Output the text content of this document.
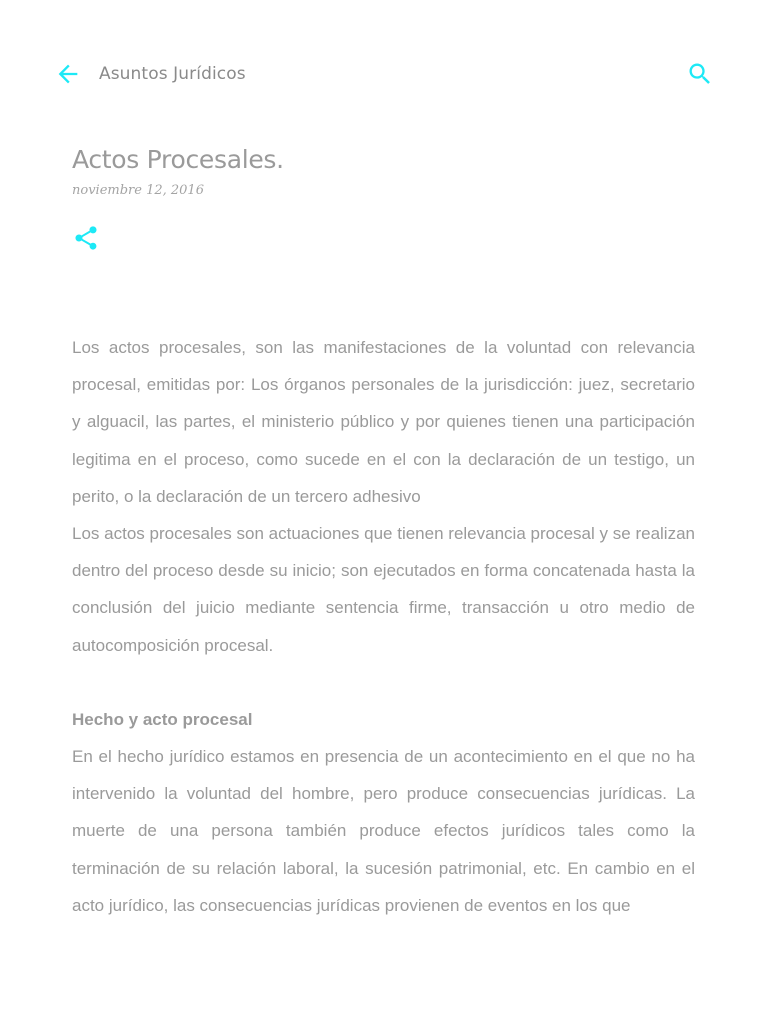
Asuntos Jurídicos
Actos Procesales.
noviembre 12, 2016

Los actos procesales, son las manifestaciones de la voluntad con relevancia procesal, emitidas por: Los órganos personales de la jurisdicción: juez, secretario y alguacil, las partes, el ministerio público y por quienes tienen una participación legitima en el proceso, como sucede en el con la declaración de un testigo, un perito, o la declaración de un tercero adhesivo

Los actos procesales son actuaciones que tienen relevancia procesal y se realizan dentro del proceso desde su inicio; son ejecutados en forma concatenada hasta la conclusión del juicio mediante sentencia firme, transacción u otro medio de autocomposición procesal.

Hecho y acto procesal

En el hecho jurídico estamos en presencia de un acontecimiento en el que no ha intervenido la voluntad del hombre, pero produce consecuencias jurídicas. La muerte de una persona también produce efectos jurídicos tales como la terminación de su relación laboral, la sucesión patrimonial, etc. En cambio en el acto jurídico, las consecuencias jurídicas provienen de eventos en los que
